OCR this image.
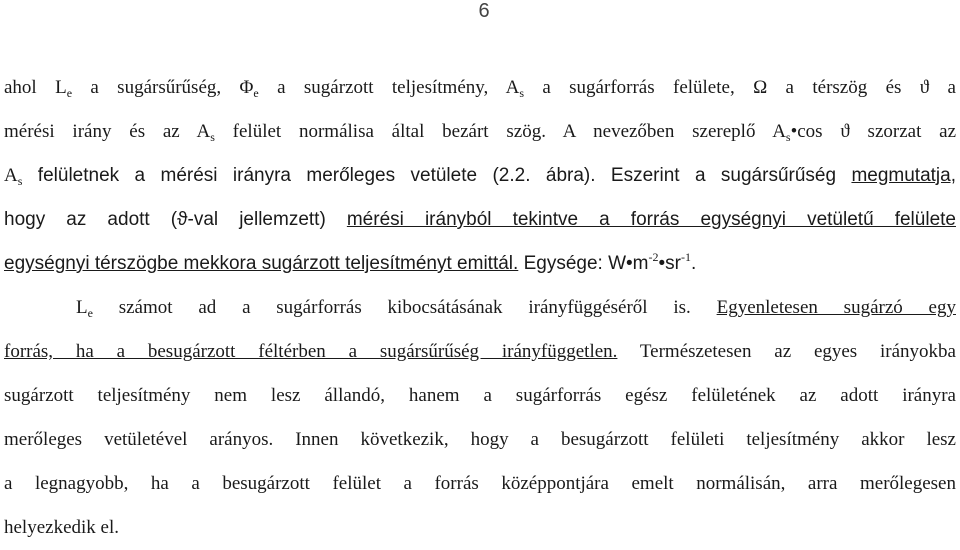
6
ahol $L_e$ a sugársűrűség, $\Phi_e$ a sugárzott teljesítmény, $A_s$ a sugárforrás felülete, Ω a térszög és ϑ a
mérési irány és az $A_s$ felület normálisa által bezárt szög. A nevezőben szereplő $A_s•\cos$ ϑ szorzat az
$A_s$ felületnek a mérési irányra merőleges vetülete (2.2. ábra). Eszerint a sugársűrűség megmutatja,
hogy az adott (ϑ-val jellemzett) mérési irányból tekintve a forrás egységnyi vetületű felülete
egységnyi térszögbe mekkora sugárzott teljesítményt emittál. Egysége: $W•m^{-2}•sr^{-1}$.
$L_e$ számot ad a sugárforrás kibocsátásának irányfüggéséről is. Egyenletesen sugárzó egy
forrás, ha a besugárzott féltérben a sugársűrűség irányfüggetlen. Természetesen az egyes irányokba
sugárzott teljesítmény nem lesz állandó, hanem a sugárforrás egész felületének az adott irányra
merőleges vetületével arányos. Innen következik, hogy a besugárzott felületi teljesítmény akkor lesz
a legnagyobb, ha a besugárzott felület a forrás középpontjára emelt normálisán, arra merőlegesen
helyezkedik el.
